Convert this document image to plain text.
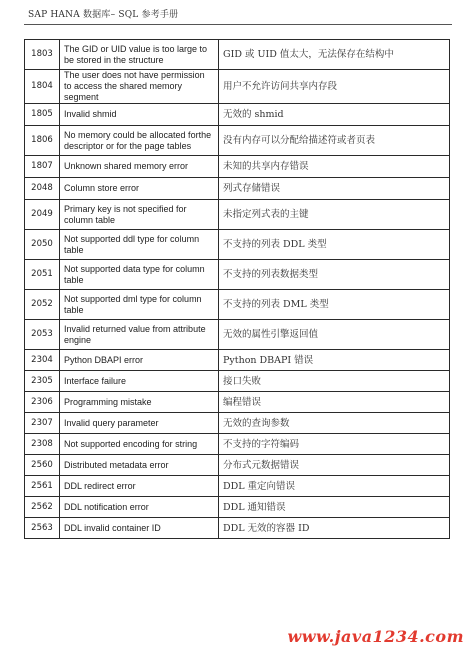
SAP HANA 数据库– SQL 参考手册
1803	The GID or UID value is too large to be stored in the structure	GID 或 UID 值太大，无法保存在结构中
1804	The user does not have permission to access the shared memory segment	用户不允许访问共享内存段
1805	Invalid shmid	无效的 shmid
1806	No memory could be allocated forthe descriptor or for the page tables	没有内存可以分配给描述符或者页表
1807	Unknown shared memory error	未知的共享内存错误
2048	Column store error	列式存储错误
2049	Primary key is not specified for column table	未指定列式表的主键
2050	Not supported ddl type for column table	不支持的列表 DDL 类型
2051	Not supported data type for column table	不支持的列表数据类型
2052	Not supported dml type for column table	不支持的列表 DML 类型
2053	Invalid returned value from attribute engine	无效的属性引擎返回值
2304	Python DBAPI error	Python DBAPI 错误
2305	Interface failure	接口失败
2306	Programming mistake	编程错误
2307	Invalid query parameter	无效的查询参数
2308	Not supported encoding for string	不支持的字符编码
2560	Distributed metadata error	分布式元数据错误
2561	DDL redirect error	DDL 重定向错误
2562	DDL notification error	DDL 通知错误
2563	DDL invalid container ID	DDL 无效的容器 ID
www.java1234.com
